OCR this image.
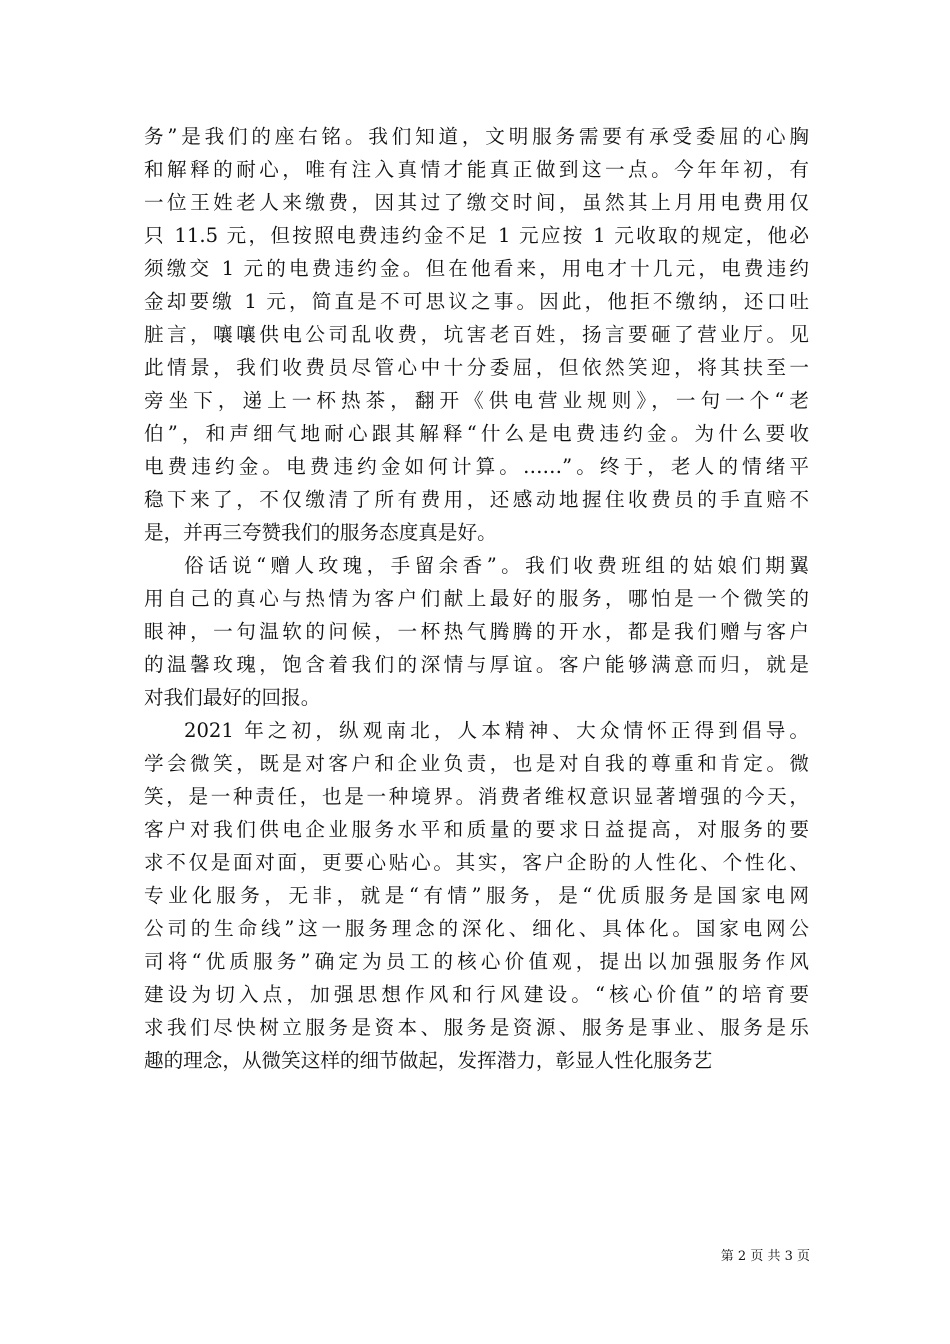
务”是我们的座右铭。我们知道，文明服务需要有承受委屈的心胸
和解释的耐心，唯有注入真情才能真正做到这一点。今年年初，有
一位王姓老人来缴费，因其过了缴交时间，虽然其上月用电费用仅
只 11.5 元，但按照电费违约金不足 1 元应按 1 元收取的规定，他必
须缴交 1 元的电费违约金。但在他看来，用电才十几元，电费违约
金却要缴 1 元，简直是不可思议之事。因此，他拒不缴纳，还口吐
脏言，嚷嚷供电公司乱收费，坑害老百姓，扬言要砸了营业厅。见
此情景，我们收费员尽管心中十分委屈，但依然笑迎，将其扶至一
旁坐下，递上一杯热茶，翻开《供电营业规则》，一句一个“老
伯”，和声细气地耐心跟其解释“什么是电费违约金。为什么要收
电费违约金。电费违约金如何计算。……”。终于，老人的情绪平
稳下来了，不仅缴清了所有费用，还感动地握住收费员的手直赔不
是，并再三夸赞我们的服务态度真是好。
俗话说“赠人玫瑰，手留余香”。我们收费班组的姑娘们期翼
用自己的真心与热情为客户们献上最好的服务，哪怕是一个微笑的
眼神，一句温软的问候，一杯热气腾腾的开水，都是我们赠与客户
的温馨玫瑰，饱含着我们的深情与厚谊。客户能够满意而归，就是
对我们最好的回报。
2021 年之初，纵观南北，人本精神、大众情怀正得到倡导。
学会微笑，既是对客户和企业负责，也是对自我的尊重和肯定。微
笑，是一种责任，也是一种境界。消费者维权意识显著增强的今天，
客户对我们供电企业服务水平和质量的要求日益提高，对服务的要
求不仅是面对面，更要心贴心。其实，客户企盼的人性化、个性化、
专业化服务，无非，就是“有情”服务，是“优质服务是国家电网
公司的生命线”这一服务理念的深化、细化、具体化。国家电网公
司将“优质服务”确定为员工的核心价值观，提出以加强服务作风
建设为切入点，加强思想作风和行风建设。“核心价值”的培育要
求我们尽快树立服务是资本、服务是资源、服务是事业、服务是乐
趣的理念，从微笑这样的细节做起，发挥潜力，彰显人性化服务艺
第 2 页 共 3 页
